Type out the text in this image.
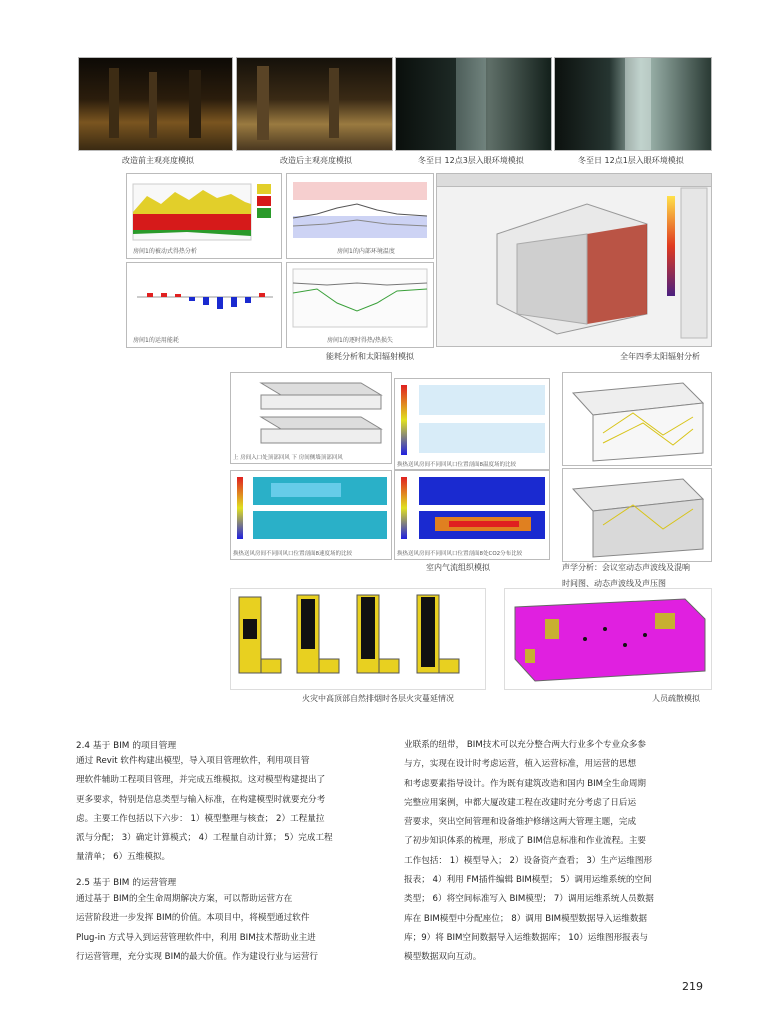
改造前主观亮度模拟	改造后主观亮度模拟	冬至日 12点3层入眼环境模拟	冬至日 12点1层入眼环境模拟
房间1的被动式得热分析	房间1的内部环境温度
房间1的运用能耗	房间1的逐时得热/热损失
能耗分析和太阳辐射模拟	全年四季太阳辐射分析
上 房间入口处顶部回风 下 房间侧墙顶部回风
换热送风房间不同回风口位置剖面8温度场的比较
换热送风房间不同回风口位置剖面8速度场的比较	换热送风房间不同回风口位置剖面8处CO2分布比较
室内气流组织模拟	声学分析：会议室动态声波线及混响
时间图、动态声波线及声压图
火灾中高顶部自然排烟时各层火灾蔓延情况	人员疏散模拟
2.4 基于 BIM 的项目管理

通过 Revit 软件构建出模型，导入项目管理软件，利用项目管

理软件辅助工程项目管理，并完成五维模拟。这对模型构建提出了

更多要求，特别是信息类型与输入标准，在构建模型时就要充分考

虑。主要工作包括以下六步： 1）模型整理与核查； 2）工程量拉

派与分配； 3）确定计算模式； 4）工程量自动计算； 5）完成工程

量清单； 6）五维模拟。

2.5 基于 BIM 的运营管理

通过基于 BIM的全生命周期解决方案，可以帮助运营方在

运营阶段进一步发挥 BIM的价值。本项目中，将模型通过软件

Plug-in 方式导入到运营管理软件中，利用 BIM技术帮助业主进

行运营管理，充分实现 BIM的最大价值。作为建设行业与运营行

业联系的纽带， BIM技术可以充分整合两大行业多个专业众多参

与方，实现在设计时考虑运营，植入运营标准，用运营的思想

和考虑要素指导设计。作为既有建筑改造和国内 BIM全生命周期

完整应用案例，申都大厦改建工程在改建时充分考虑了日后运

营要求，突出空间管理和设备维护修缮这两大管理主题，完成

了初步知识体系的梳理，形成了 BIM信息标准和作业流程。主要

工作包括： 1）模型导入； 2）设备资产查看； 3）生产运维图形

报表； 4）利用 FM插件编辑 BIM模型； 5）调用运维系统的空间

类型； 6）将空间标准写入 BIM模型； 7）调用运维系统人员数据

库在 BIM模型中分配座位； 8）调用 BIM模型数据导入运维数据

库；9）将 BIM空间数据导入运维数据库； 10）运维图形报表与

模型数据双向互动。

219
